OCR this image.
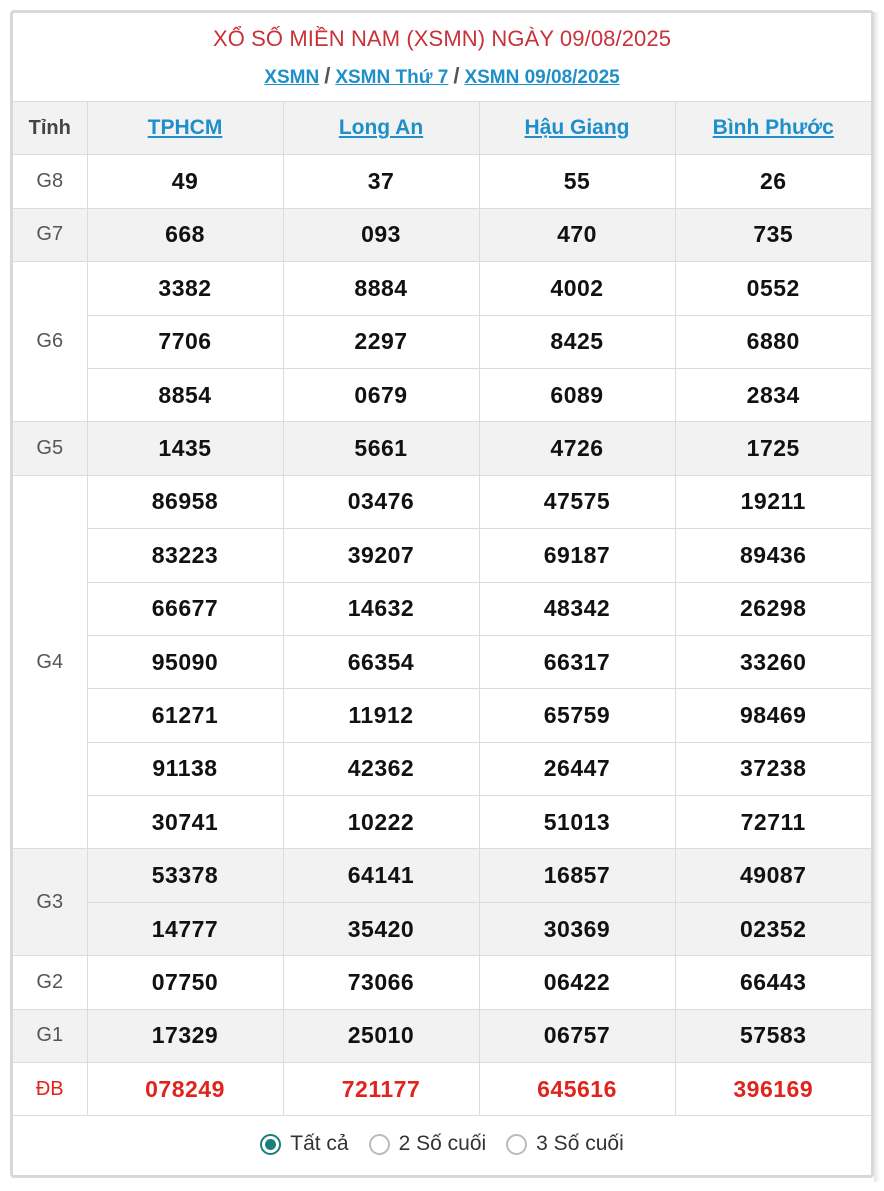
XỔ SỐ MIỀN NAM (XSMN) NGÀY 09/08/2025
XSMN / XSMN Thứ 7 / XSMN 09/08/2025
Tỉnh	TPHCM	Long An	Hậu Giang	Bình Phước
G8	49	37	55	26
G7	668	093	470	735
G6	3382	8884	4002	0552
	7706	2297	8425	6880
	8854	0679	6089	2834
G5	1435	5661	4726	1725
G4	86958	03476	47575	19211
	83223	39207	69187	89436
	66677	14632	48342	26298
	95090	66354	66317	33260
	61271	11912	65759	98469
	91138	42362	26447	37238
	30741	10222	51013	72711
G3	53378	64141	16857	49087
	14777	35420	30369	02352
G2	07750	73066	06422	66443
G1	17329	25010	06757	57583
ĐB	078249	721177	645616	396169
Tất cả 2 Số cuối 3 Số cuối
